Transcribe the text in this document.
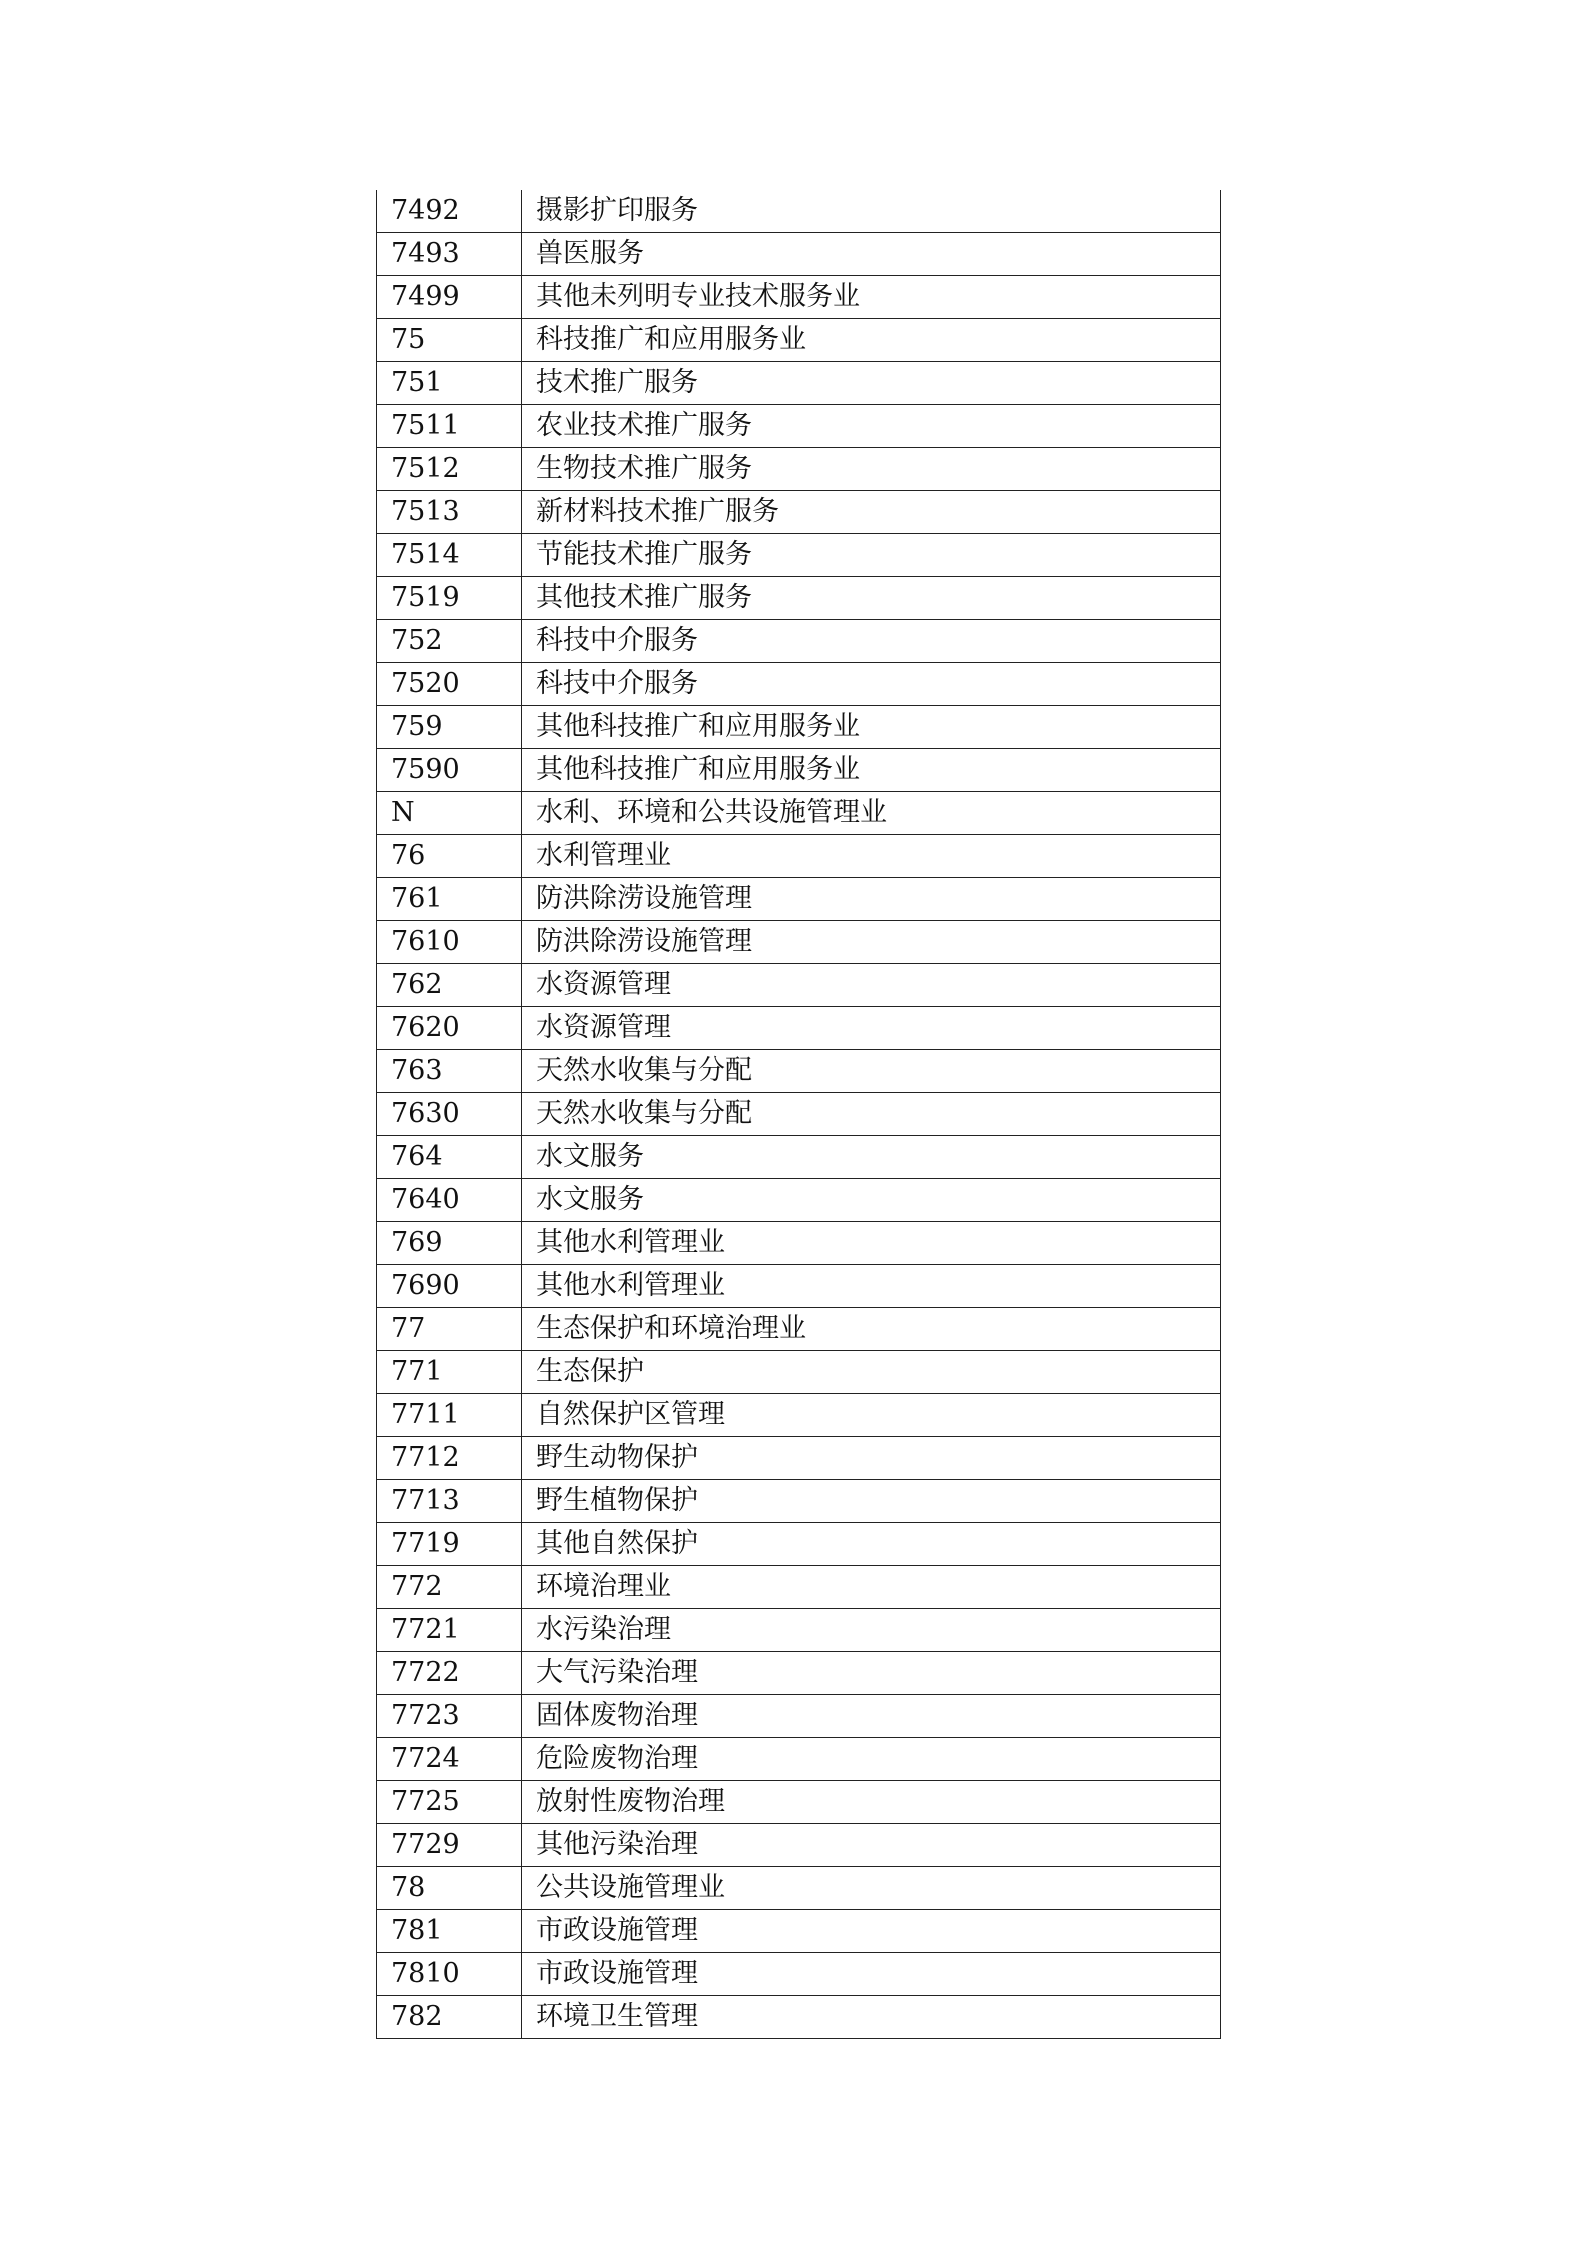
7492	摄影扩印服务
7493	兽医服务
7499	其他未列明专业技术服务业
75	科技推广和应用服务业
751	技术推广服务
7511	农业技术推广服务
7512	生物技术推广服务
7513	新材料技术推广服务
7514	节能技术推广服务
7519	其他技术推广服务
752	科技中介服务
7520	科技中介服务
759	其他科技推广和应用服务业
7590	其他科技推广和应用服务业
N	水利、环境和公共设施管理业
76	水利管理业
761	防洪除涝设施管理
7610	防洪除涝设施管理
762	水资源管理
7620	水资源管理
763	天然水收集与分配
7630	天然水收集与分配
764	水文服务
7640	水文服务
769	其他水利管理业
7690	其他水利管理业
77	生态保护和环境治理业
771	生态保护
7711	自然保护区管理
7712	野生动物保护
7713	野生植物保护
7719	其他自然保护
772	环境治理业
7721	水污染治理
7722	大气污染治理
7723	固体废物治理
7724	危险废物治理
7725	放射性废物治理
7729	其他污染治理
78	公共设施管理业
781	市政设施管理
7810	市政设施管理
782	环境卫生管理
